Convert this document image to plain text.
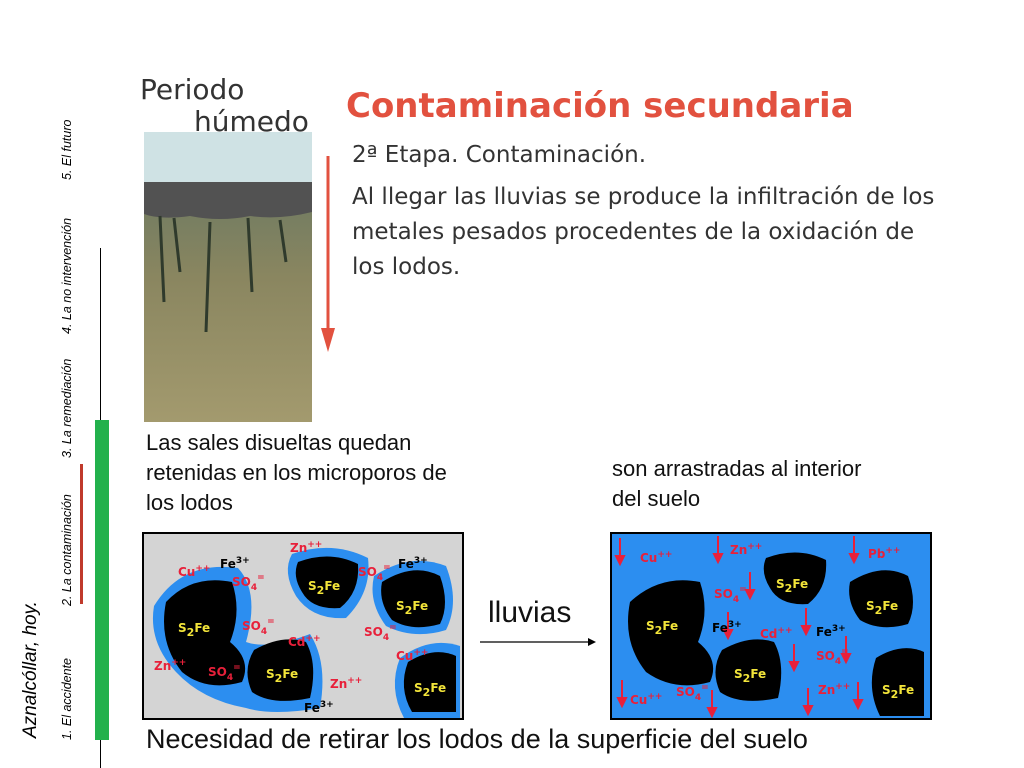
Aznalcóllar, hoy. 1. El accidente
2. La contaminación
3. La remediación
4. La no intervención
5. El futuro
Periodo
húmedo Contaminación secundaria
2ª Etapa. Contaminación.
Al llegar las lluvias se produce la infiltración de los metales pesados procedentes de la oxidación de los lodos.
Las sales disueltas quedan retenidas en los microporos de los lodos
son arrastradas al interior del suelo
lluvias
S2Fe
S2Fe
S2Fe
S2Fe
S2Fe
Cu++ $Fe^{3+}$
$SO_4^=$
Zn++
$SO_4^=$ $Fe^{3+}$
$SO_4^=$
Cd++	$SO_4^=$
Cu++
Zn++
$SO_4^=$
Zn++
$Fe^{3+}$
S2Fe
S2Fe
S2Fe
S2Fe
S2Fe
Cu++	Zn++	Pb++
$SO_4^=$
$Fe^{3+}$
Cd++ $Fe^{3+}$
$SO_4^=$
Zn++
Cu++ $SO_4^=$
Necesidad de retirar los lodos de la superficie del suelo
